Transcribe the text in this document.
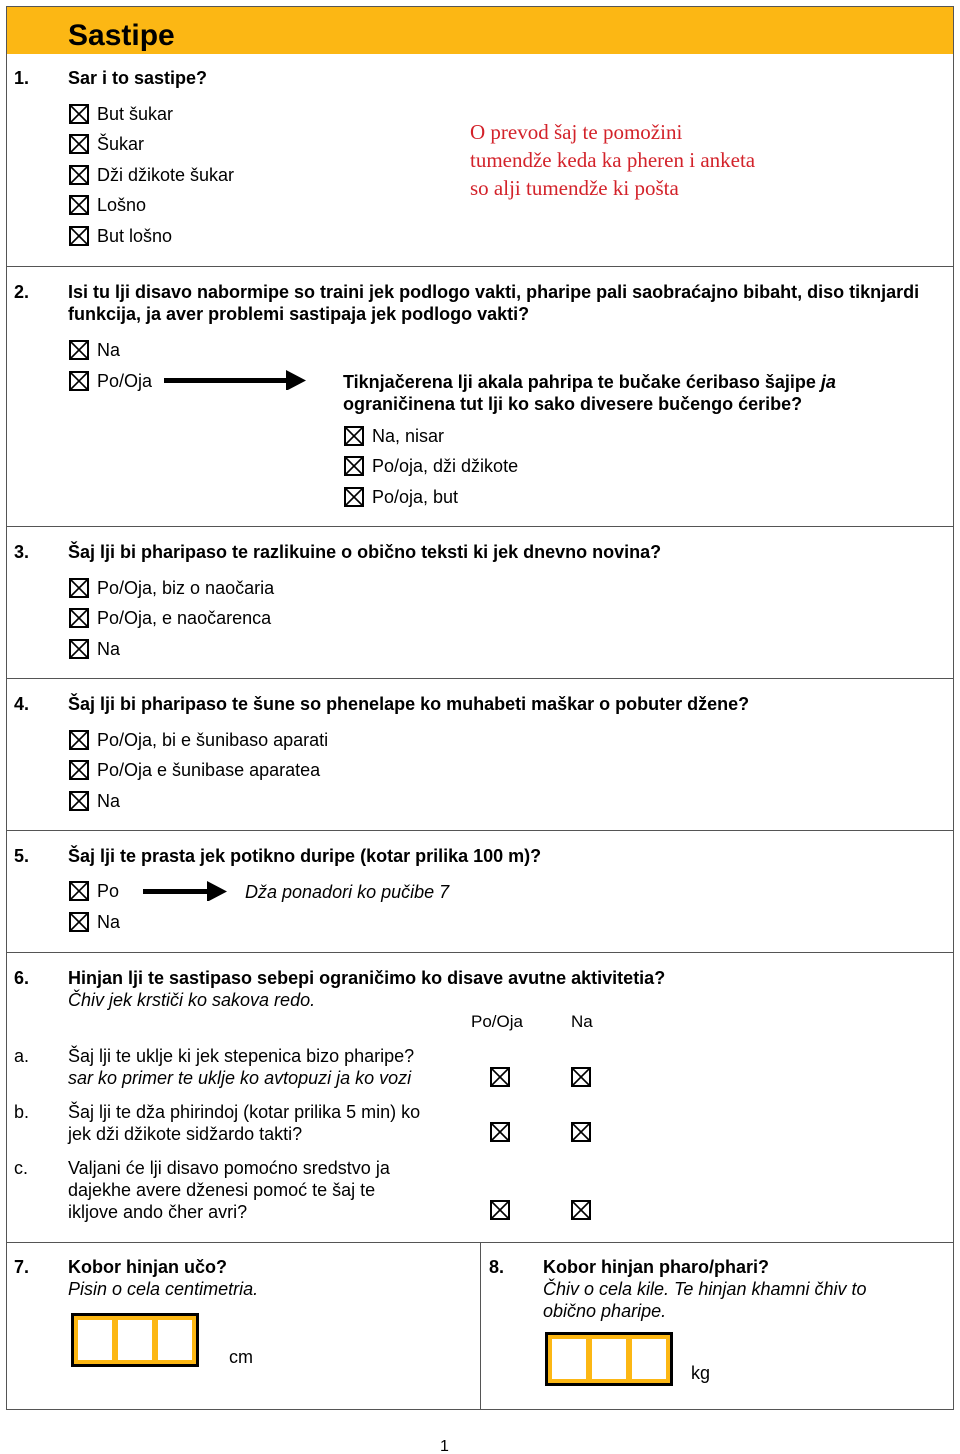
Sastipe
1. Sar i to sastipe?
But šukar
Šukar
Dži džikote šukar
Lošno
But lošno
O prevod šaj te pomožini tumendže keda ka pheren i anketa so alji tumendže ki pošta
2. Isi tu lji disavo nabormipe so traini jek podlogo vakti, pharipe pali saobraćajno bibaht, diso tiknjardi funkcija, ja aver problemi sastipaja jek podlogo vakti?
Na
Po/Oja	Tiknjačerena lji akala pahripa te bučake ćeribaso šajipe ja ograničinena tut lji ko sako divesere bučengo ćeribe?
Na, nisar
Po/oja, dži džikote
Po/oja, but
3. Šaj lji bi pharipaso te razlikuine o obično teksti ki jek dnevno novina?
Po/Oja, biz o naočaria
Po/Oja, e naočarenca
Na
4. Šaj lji bi pharipaso te šune so phenelape ko muhabeti maškar o pobuter džene?
Po/Oja, bi e šunibaso aparati
Po/Oja e šunibase aparatea
Na
5. Šaj lji te prasta jek potikno duripe (kotar prilika 100 m)?
Po
Na
Dža ponadori ko pučibe 7
6. Hinjan lji te sastipaso sebepi ograničimo ko disave avutne aktivitetia?
Čhiv jek krstiči ko sakova redo.
Po/Oja	Na
a. Šaj lji te uklje ki jek stepenica bizo pharipe?
sar ko primer te uklje ko avtopuzi ja ko vozi
b. Šaj lji te dža phirindoj (kotar prilika 5 min) ko
jek dži džikote sidžardo takti?
c. Valjani će lji disavo pomoćno sredstvo ja
dajekhe avere dženesi pomoć te šaj te
ikljove ando čher avri?
7. Kobor hinjan učo?
Pisin o cela centimetria.
cm
8. Kobor hinjan pharo/phari?
Čhiv o cela kile. Te hinjan khamni čhiv to
obično pharipe.
kg
1
